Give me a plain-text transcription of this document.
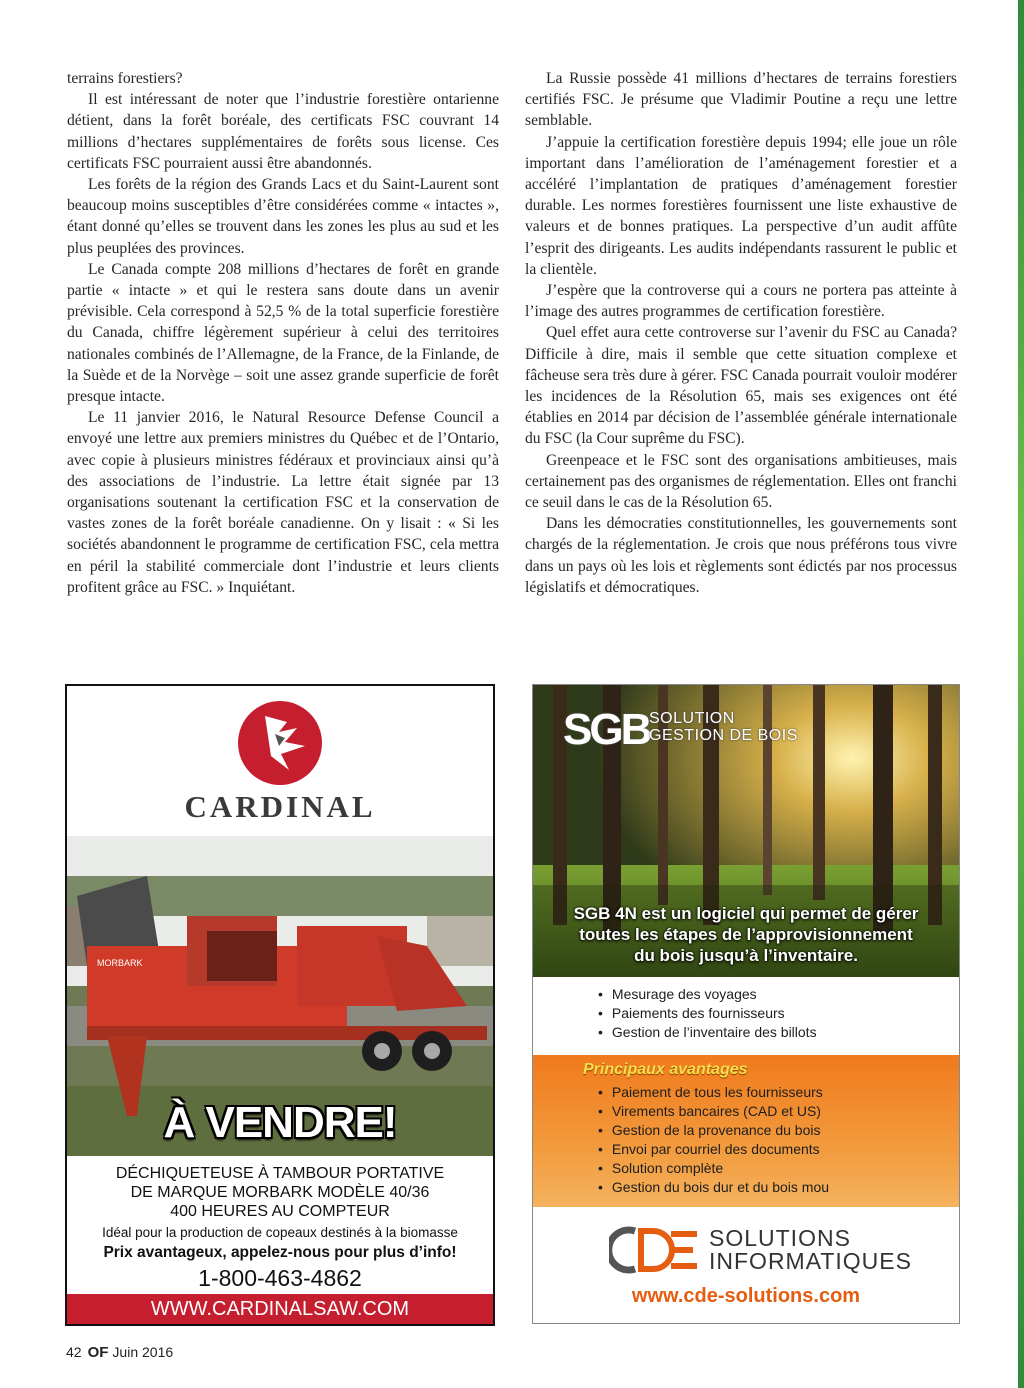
terrains forestiers?

Il est intéressant de noter que l’industrie forestière ontarienne détient, dans la forêt boréale, des certificats FSC couvrant 14 millions d’hectares supplémentaires de forêts sous license. Ces certificats FSC pourraient aussi être abandonnés.

Les forêts de la région des Grands Lacs et du Saint-Laurent sont beaucoup moins susceptibles d’être considérées comme « intactes », étant donné qu’elles se trouvent dans les zones les plus au sud et les plus peuplées des provinces.

Le Canada compte 208 millions d’hectares de forêt en grande partie « intacte » et qui le restera sans doute dans un avenir prévisible. Cela correspond à 52,5 % de la total superficie forestière du Canada, chiffre légèrement supérieur à celui des territoires nationales combinés de l’Allemagne, de la France, de la Finlande, de la Suède et de la Norvège – soit une assez grande superficie de forêt presque intacte.

Le 11 janvier 2016, le Natural Resource Defense Council a envoyé une lettre aux premiers ministres du Québec et de l’Ontario, avec copie à plusieurs ministres fédéraux et provinciaux ainsi qu’à des associations de l’industrie. La lettre était signée par 13 organisations soutenant la certification FSC et la conservation de vastes zones de la forêt boréale canadienne. On y lisait : « Si les sociétés abandonnent le programme de certification FSC, cela mettra en péril la stabilité commerciale dont l’industrie et leurs clients profitent grâce au FSC. » Inquiétant.

La Russie possède 41 millions d’hectares de terrains forestiers certifiés FSC. Je présume que Vladimir Poutine a reçu une lettre semblable.

J’appuie la certification forestière depuis 1994; elle joue un rôle important dans l’amélioration de l’aménagement forestier et a accéléré l’implantation de pratiques d’aménagement forestier durable. Les normes forestières fournissent une liste exhaustive de valeurs et de bonnes pratiques. La perspective d’un audit affûte l’esprit des dirigeants. Les audits indépendants rassurent le public et la clientèle.

J’espère que la controverse qui a cours ne portera pas atteinte à l’image des autres programmes de certification forestière.

Quel effet aura cette controverse sur l’avenir du FSC au Canada? Difficile à dire, mais il semble que cette situation complexe et fâcheuse sera très dure à gérer. FSC Canada pourrait vouloir modérer les incidences de la Résolution 65, mais ses exigences ont été établies en 2014 par décision de l’assemblée générale internationale du FSC (la Cour suprême du FSC).

Greenpeace et le FSC sont des organisations ambitieuses, mais certainement pas des organismes de réglementation. Elles ont franchi ce seuil dans le cas de la Résolution 65.

Dans les démocraties constitutionnelles, les gouvernements sont chargés de la réglementation. Je crois que nous préférons tous vivre dans un pays où les lois et règlements sont édictés par nos processus législatifs et démocratiques.

CARDINAL
MORBARK
À VENDRE!
DÉCHIQUETEUSE À TAMBOUR PORTATIVE
DE MARQUE MORBARK MODÈLE 40/36
400 HEURES AU COMPTEUR
Idéal pour la production de copeaux destinés à la biomasse
Prix avantageux, appelez-nous pour plus d’info!
1-800-463-4862
WWW.CARDINALSAW.COM
SGB SOLUTION
GESTION DE BOIS
SGB 4N est un logiciel qui permet de gérer
toutes les étapes de l’approvisionnement
du bois jusqu’à l’inventaire.
• Mesurage des voyages
• Paiements des fournisseurs
• Gestion de l’inventaire des billots
Principaux avantages
• Paiement de tous les fournisseurs
• Virements bancaires (CAD et US)
• Gestion de la provenance du bois
• Envoi par courriel des documents
• Solution complète
• Gestion du bois dur et du bois mou
SOLUTIONS
INFORMATIQUES
www.cde-solutions.com
42 OF Juin 2016
